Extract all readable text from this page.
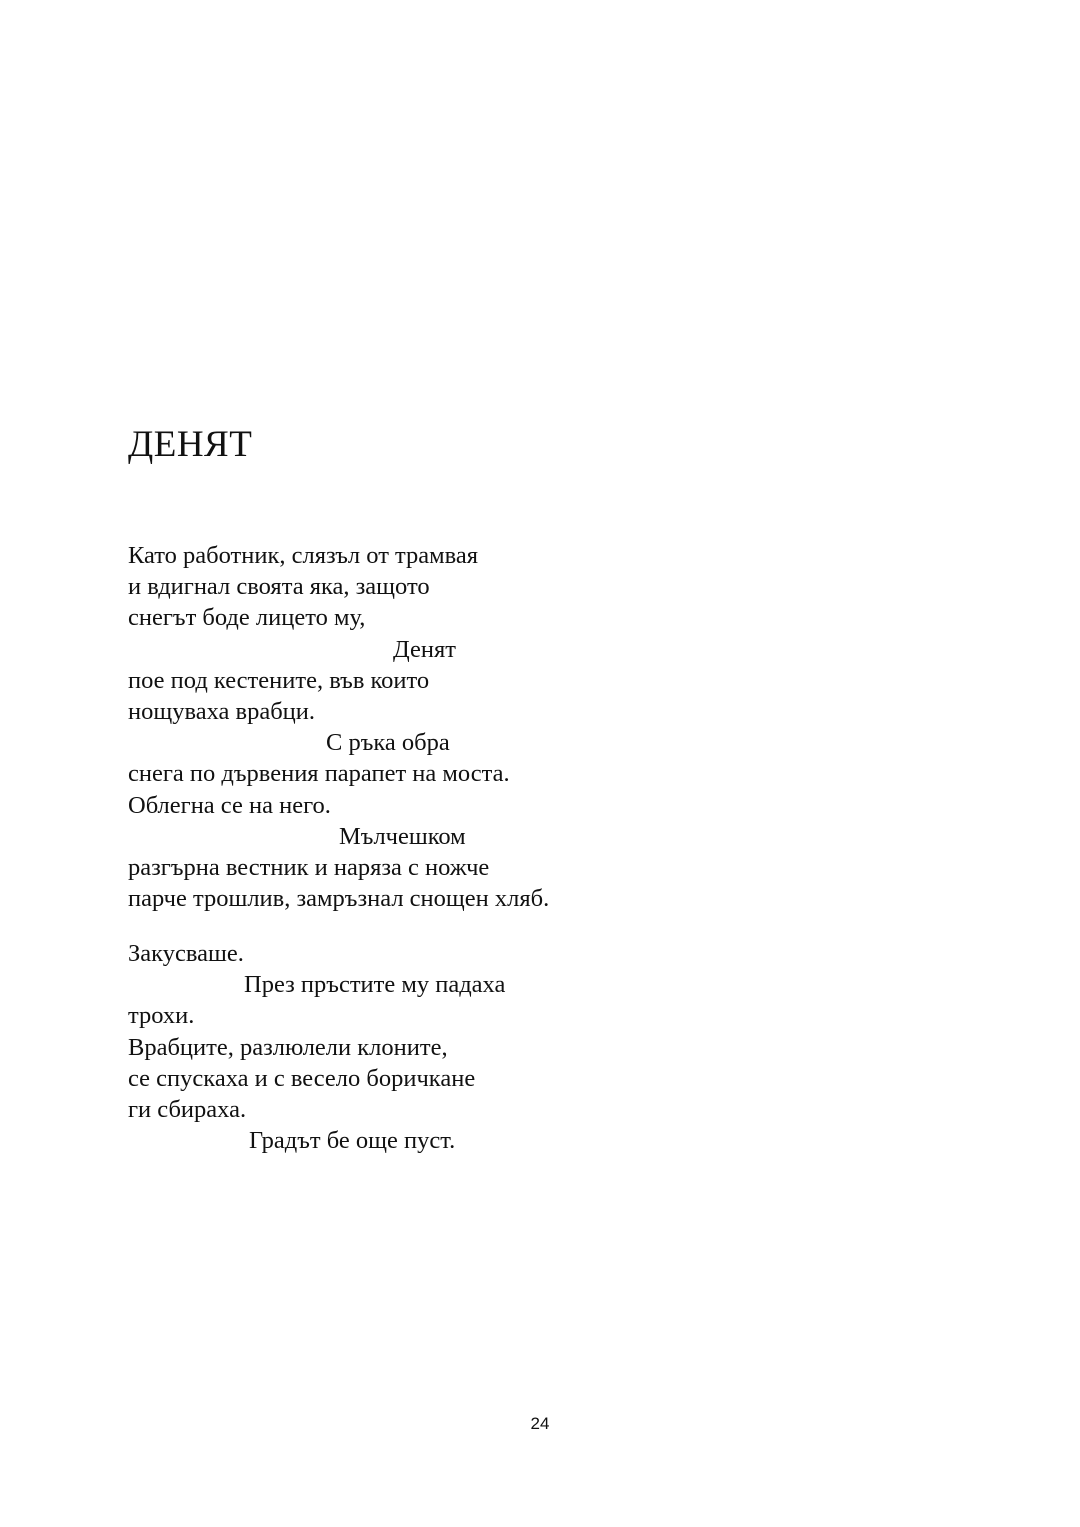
ДЕНЯТ
Като работник, слязъл от трамвая
и вдигнал своята яка, защото
снегът боде лицето му,
Денят
пое под кестените, във които
нощуваха врабци.
С ръка обра
снега по дървения парапет на моста.
Облегна се на него.
Мълчешком
разгърна вестник и наряза с ножче
парче трошлив, замръзнал снощен хляб.
Закусваше.
През пръстите му падаха
трохи.
Врабците, разлюлели клоните,
се спускаха и с весело боричкане
ги сбираха.
Градът бе още пуст.
24
